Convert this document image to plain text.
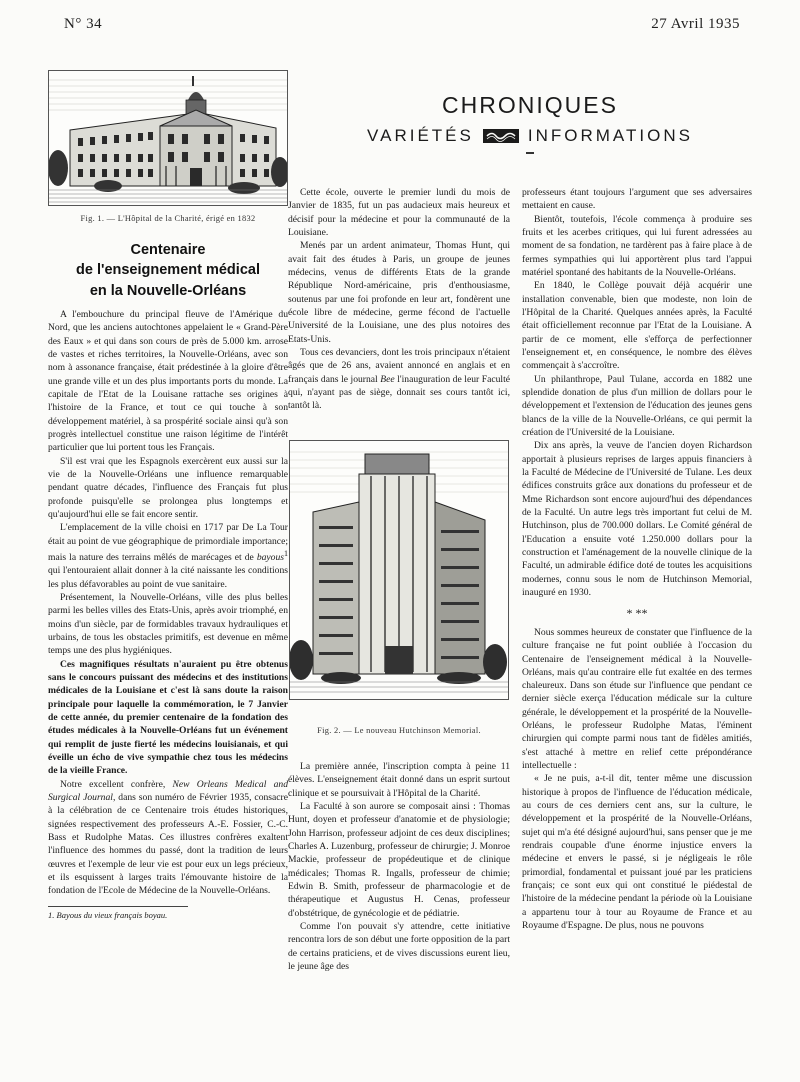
N° 34	27 Avril 1935
Fig. 1. — L'Hôpital de la Charité, érigé en 1832
CHRONIQUES
VARIÉTÉS	INFORMATIONS
Centenaire
de l'enseignement médical
en la Nouvelle-Orléans

A l'embouchure du principal fleuve de l'Amérique du Nord, que les anciens autochtones appelaient le « Grand-Père des Eaux » et qui dans son cours de près de 5.000 km. arrose de vastes et riches territoires, la Nouvelle-Orléans, avec son nom à assonance française, était prédestinée à la gloire d'être une grande ville et un des plus importants ports du monde. La capitale de l'Etat de la Louisane rattache ses origines à l'histoire de la France, et tout ce qui touche à son développement matériel, à sa prospérité sociale ainsi qu'à son progrès intellectuel constitue une raison légitime de l'intérêt particulier que lui portent tous les Français.

S'il est vrai que les Espagnols exercèrent eux aussi sur la vie de la Nouvelle-Orléans une influence remarquable pendant quatre décades, l'influence des Français fut plus profonde puisqu'elle se prolongea plus longtemps et qu'aujourd'hui elle se fait encore sentir.

L'emplacement de la ville choisi en 1717 par De La Tour était au point de vue géographique de primordiale importance; mais la nature des terrains mêlés de marécages et de bayous$^1$ qui l'entouraient allait donner à la cité naissante les conditions les plus défavorables au point de vue sanitaire.

Présentement, la Nouvelle-Orléans, ville des plus belles parmi les belles villes des Etats-Unis, après avoir triomphé, en moins d'un siècle, par de formidables travaux hydrauliques et urbains, de tous les obstacles primitifs, est devenue en même temps une des plus hygiéniques.

Ces magnifiques résultats n'auraient pu être obtenus sans le concours puissant des médecins et des institutions médicales de la Louisiane et c'est là sans doute la raison principale pour laquelle la commémoration, le 7 Janvier de cette année, du premier centenaire de la fondation des études médicales à la Nouvelle-Orléans fut un événement qui remplit de juste fierté les médecins louisianais, et qui éveille un écho de vive sympathie chez tous les médecins de la vieille France.

Notre excellent confrère, New Orleans Medical and Surgical Journal, dans son numéro de Février 1935, consacre à la célébration de ce Centenaire trois études historiques, signées respectivement des professeurs A.-E. Fossier, C.-C. Bass et Rudolphe Matas. Ces illustres confrères exaltent l'influence des hommes du passé, dont la tradition de leurs œuvres et l'exemple de leur vie est pour eux un legs précieux, et ils esquissent à larges traits l'émouvante histoire de la fondation de l'Ecole de Médecine de la Nouvelle-Orléans.

1. Bayous du vieux français boyau.

Cette école, ouverte le premier lundi du mois de Janvier de 1835, fut un pas audacieux mais heureux et décisif pour la médecine et pour la communauté de la Louisiane.

Menés par un ardent animateur, Thomas Hunt, qui avait fait des études à Paris, un groupe de jeunes médecins, venus de différents Etats de la grande République Nord-américaine, pris d'enthousiasme, soutenus par une foi profonde en leur art, fondèrent une école libre de médecine, germe fécond de l'actuelle Université de la Louisiane, une des plus notoires des Etats-Unis.

Tous ces devanciers, dont les trois principaux n'étaient âgés que de 26 ans, avaient annoncé en anglais et en français dans le journal Bee l'inauguration de leur Faculté qui, n'ayant pas de siège, donnait ses cours tantôt ici, tantôt là.

Fig. 2. — Le nouveau Hutchinson Memorial.

La première année, l'inscription compta à peine 11 élèves. L'enseignement était donné dans un esprit surtout clinique et se poursuivait à l'Hôpital de la Charité.

La Faculté à son aurore se composait ainsi : Thomas Hunt, doyen et professeur d'anatomie et de physiologie; John Harrison, professeur adjoint de ces deux disciplines; Charles A. Luzenburg, professeur de chirurgie; J. Monroe Mackie, professeur de propédeutique et de clinique médicales; Thomas R. Ingalls, professeur de chimie; Edwin B. Smith, professeur de pharmacologie et de thérapeutique et Augustus H. Cenas, professeur d'obstétrique, de gynécologie et de pédiatrie.

Comme l'on pouvait s'y attendre, cette initiative rencontra lors de son début une forte opposition de la part de certains praticiens, et de vives discussions eurent lieu, le jeune âge des

professeurs étant toujours l'argument que ses adversaires mettaient en cause.

Bientôt, toutefois, l'école commença à produire ses fruits et les acerbes critiques, qui lui furent adressées au moment de sa fondation, ne tardèrent pas à faire place à de fermes sympathies qui lui apportèrent plus tard l'appui matériel spontané des habitants de la Nouvelle-Orléans.

En 1840, le Collège pouvait déjà acquérir une installation convenable, bien que modeste, non loin de l'Hôpital de la Charité. Quelques années après, la Faculté était officiellement reconnue par l'Etat de la Louisiane. A partir de ce moment, elle s'efforça de perfectionner l'enseignement et, en conséquence, le nombre des élèves commençait à s'accroître.

Un philanthrope, Paul Tulane, accorda en 1882 une splendide donation de plus d'un million de dollars pour le développement et l'extension de l'éducation des jeunes gens blancs de la ville de la Nouvelle-Orléans, ce qui permit la création de l'Université de la Louisiane.

Dix ans après, la veuve de l'ancien doyen Richardson apportait à plusieurs reprises de larges appuis financiers à la Faculté de Médecine de l'Université de Tulane. Les deux édifices construits grâce aux donations du professeur et de Mme Richardson sont encore aujourd'hui des dépendances de la Faculté. Un autre legs très important fut celui de M. Hutchinson, plus de 700.000 dollars. Le Comité général de l'Education a ensuite voté 1.250.000 dollars pour la construction et l'aménagement de la nouvelle clinique de la Faculté, un admirable édifice doté de toutes les acquisitions modernes, connu sous le nom de Hutchinson Memorial, inauguré en 1930.

* **

Nous sommes heureux de constater que l'influence de la culture française ne fut point oubliée à l'occasion du Centenaire de l'enseignement médical à la Nouvelle-Orléans, mais qu'au contraire elle fut exaltée en des termes chaleureux. Dans son étude sur l'influence que pendant ce dernier siècle exerça l'éducation médicale sur la culture générale, le développement et la prospérité de la Nouvelle-Orléans, le professeur Rudolphe Matas, l'éminent chirurgien qui compte parmi nous tant de fidèles amitiés, s'est attaché à mettre en relief cette prépondérance intellectuelle :

« Je ne puis, a-t-il dit, tenter même une discussion historique à propos de l'influence de l'éducation médicale, au cours de ces derniers cent ans, sur la culture, le développement et la prospérité de la Nouvelle-Orléans, sujet qui m'a été désigné aujourd'hui, sans penser que je me rendrais coupable d'une énorme injustice envers la médecine et envers le passé, si je négligeais le rôle primordial, fondamental et puissant joué par les praticiens français; ce sont eux qui ont constitué le piédestal de l'histoire de la médecine pendant la période où la Louisiane a appartenu tour à tour au Royaume de France et au Royaume d'Espagne. De plus, nous ne pouvons
